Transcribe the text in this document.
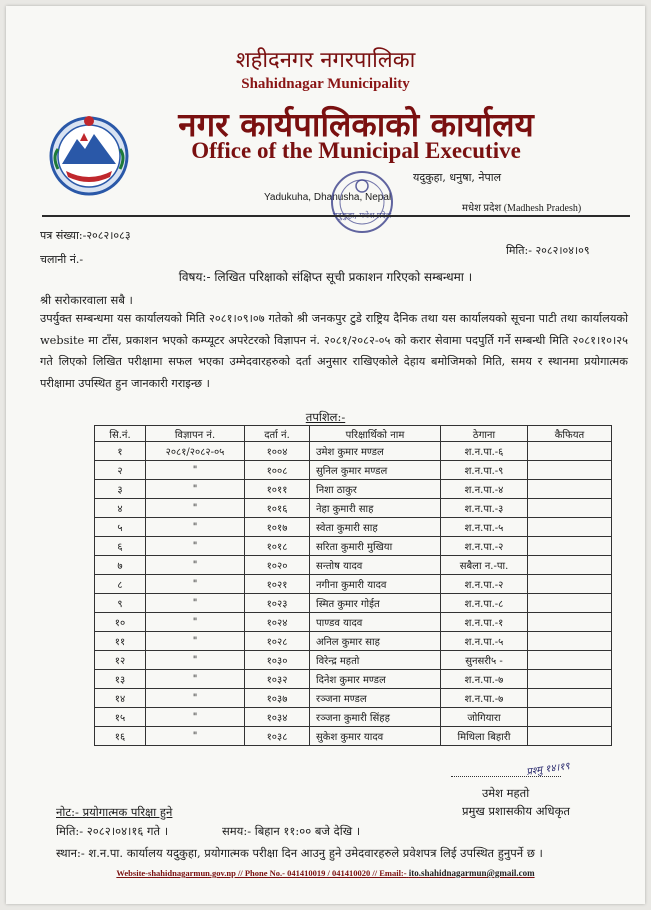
शहीदनगर नगरपालिका
Shahidnagar Municipality
नगर कार्यपालिकाको कार्यालय
Office of the Municipal Executive
यदुकुहा, धनुषा, नेपाल
Yadukuha, Dhanusha, Nepal
मधेश प्रदेश (Madhesh Pradesh)
पत्र संख्या:-२०८२।०८३
चलानी नं.-
मिति:- २०८२।०४।०९
विषय:- लिखित परिक्षाको संक्षिप्त सूची प्रकाशन गरिएको सम्बन्धमा ।
श्री सरोकारवाला सबै ।
उपर्युक्त सम्बन्धमा यस कार्यालयको मिति २०८१।०९।०७ गतेको श्री जनकपुर टुडे राष्ट्रिय दैनिक तथा यस कार्यालयको सूचना पाटी तथा कार्यालयको website मा टाँस, प्रकाशन भएको कम्प्यूटर अपरेटरको विज्ञापन नं. २०८१/२०८२-०५ को करार सेवामा पदपुर्ति गर्ने सम्बन्धी मिति २०८१।१०।२५ गते लिएको लिखित परीक्षामा सफल भएका उम्मेदवारहरुको दर्ता अनुसार राखिएकोले देहाय बमोजिमको मिति, समय र स्थानमा प्रयोगात्मक परीक्षामा उपस्थित हुन जानकारी गराइन्छ ।
तपशिल:-
सि.नं.	विज्ञापन नं.	दर्ता नं.	परिक्षार्थिको नाम	ठेगाना	कैफियत
१	२०८१/२०८२-०५	१००४	उमेश कुमार मण्डल	श.न.पा.-६	
२	"	१००८	सुनिल कुमार मण्डल	श.न.पा.-९	
३	"	१०११	निशा ठाकुर	श.न.पा.-४	
४	"	१०१६	नेहा कुमारी साह	श.न.पा.-३	
५	"	१०१७	स्वेता कुमारी साह	श.न.पा.-५	
६	"	१०१८	सरिता कुमारी मुखिया	श.न.पा.-२	
७	"	१०२०	सन्तोष यादव	सबैला न.-पा.	
८	"	१०२१	नगीना कुमारी यादव	श.न.पा.-२	
९	"	१०२३	स्मित कुमार गोईत	श.न.पा.-८	
१०	"	१०२४	पाण्डव यादव	श.न.पा.-१	
११	"	१०२८	अनिल कुमार साह	श.न.पा.-५	
१२	"	१०३०	विरेन्द्र महतो	सुनसरी५ -	
१३	"	१०३२	दिनेश कुमार मण्डल	श.न.पा.-७	
१४	"	१०३७	रञ्जना मण्डल	श.न.पा.-७	
१५	"	१०३४	रञ्जना कुमारी सिंहह	जोगियारा	
१६	"	१०३८	सुकेश कुमार यादव	मिथिला बिहारी	
प्रश्मु १४।१९
उमेश महतो
प्रमुख प्रशासकीय अधिकृत
नोट:- प्रयोगात्मक परिक्षा हुने
मिति:- २०८२।०४।१६ गते ।	समय:- बिहान ११:०० बजे देखि ।
स्थान:- श.न.पा. कार्यालय यदुकुहा, प्रयोगात्मक परीक्षा दिन आउनु हुने उमेदवारहरुले प्रवेशपत्र लिई उपस्थित हुनुपर्ने छ ।
Website-shahidnagarmun.gov.np // Phone No.- 041410019 / 041410020 // Email:- ito.shahidnagarmun@gmail.com
